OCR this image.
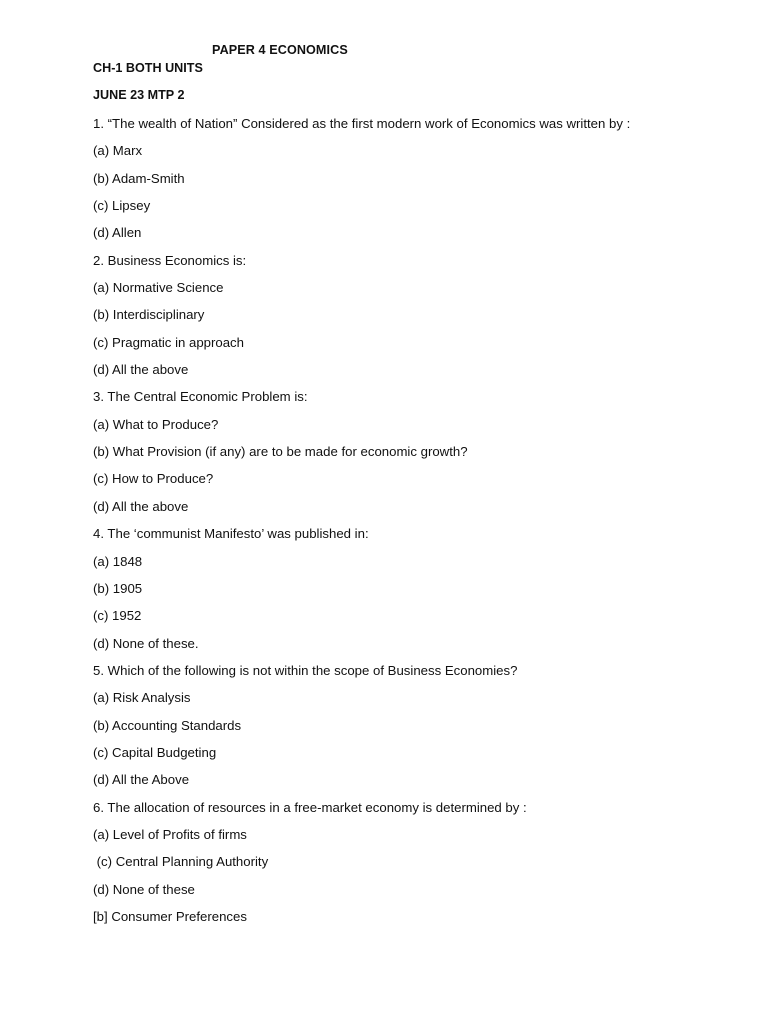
PAPER 4 ECONOMICS
CH-1 BOTH UNITS
JUNE 23 MTP 2
1. “The wealth of Nation” Considered as the first modern work of Economics was written by :
(a) Marx
(b) Adam-Smith
(c) Lipsey
(d) Allen
2. Business Economics is:
(a) Normative Science
(b) Interdisciplinary
(c) Pragmatic in approach
(d) All the above
3. The Central Economic Problem is:
(a) What to Produce?
(b) What Provision (if any) are to be made for economic growth?
(c) How to Produce?
(d) All the above
4. The ‘communist Manifesto’ was published in:
(a) 1848
(b) 1905
(c) 1952
(d) None of these.
5. Which of the following is not within the scope of Business Economies?
(a) Risk Analysis
(b) Accounting Standards
(c) Capital Budgeting
(d) All the Above
6. The allocation of resources in a free-market economy is determined by :
(a) Level of Profits of firms
(c) Central Planning Authority
(d) None of these
[b] Consumer Preferences
